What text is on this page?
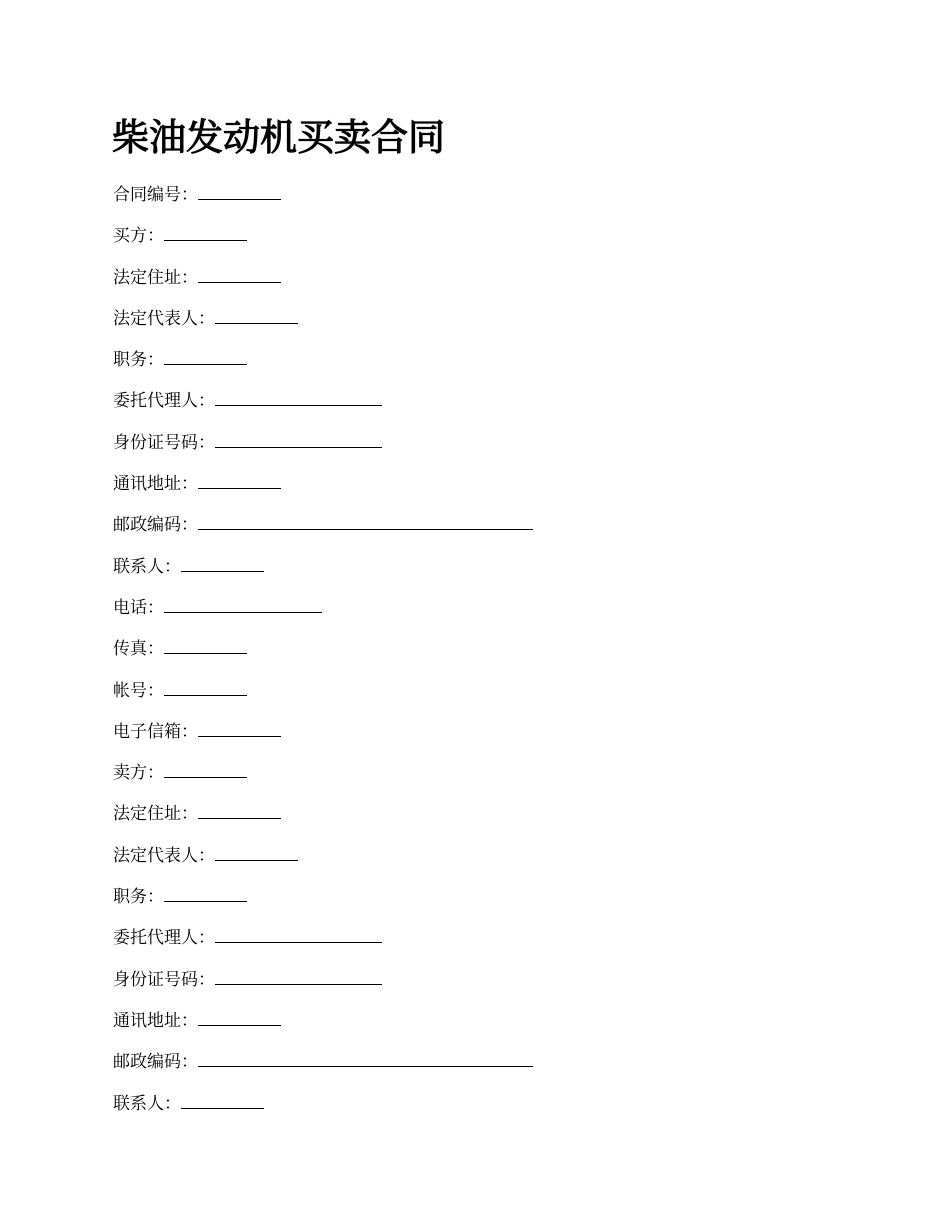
柴油发动机买卖合同
合同编号：
买方：
法定住址：
法定代表人：
职务：
委托代理人：
身份证号码：
通讯地址：
邮政编码：
联系人：
电话：
传真：
帐号：
电子信箱：
卖方：
法定住址：
法定代表人：
职务：
委托代理人：
身份证号码：
通讯地址：
邮政编码：
联系人：
